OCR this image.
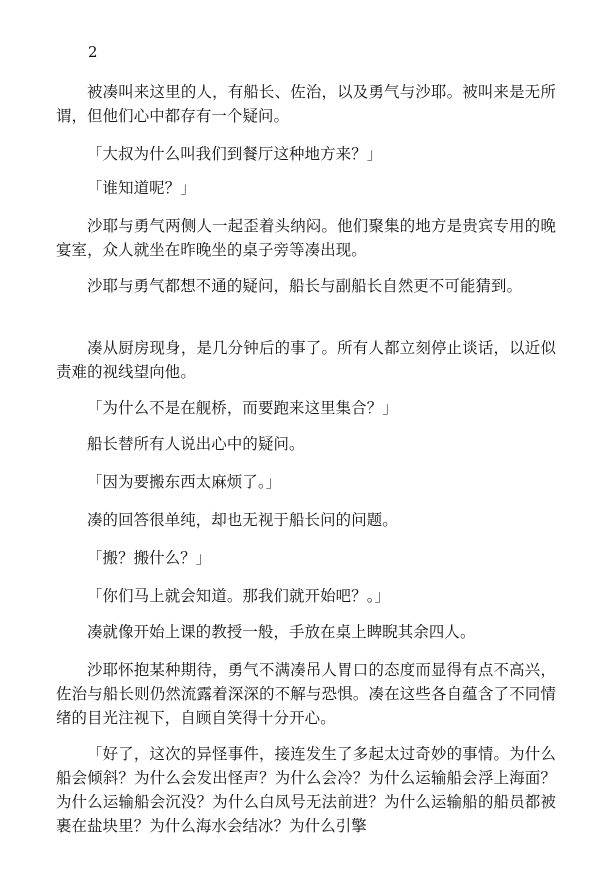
2

被凑叫来这里的人，有船长、佐治，以及勇气与沙耶。被叫来是无所谓，但他们心中都存有一个疑问。

「大叔为什么叫我们到餐厅这种地方来？」

「谁知道呢？」

沙耶与勇气两侧人一起歪着头纳闷。他们聚集的地方是贵宾专用的晚宴室，众人就坐在昨晚坐的桌子旁等凑出现。

沙耶与勇气都想不通的疑问，船长与副船长自然更不可能猜到。

凑从厨房现身，是几分钟后的事了。所有人都立刻停止谈话，以近似责难的视线望向他。

「为什么不是在舰桥，而要跑来这里集合？」

船长替所有人说出心中的疑问。

「因为要搬东西太麻烦了。」

凑的回答很单纯，却也无视于船长问的问题。

「搬？搬什么？」

「你们马上就会知道。那我们就开始吧？。」

凑就像开始上课的教授一般，手放在桌上睥睨其余四人。

沙耶怀抱某种期待，勇气不满凑吊人胃口的态度而显得有点不高兴，佐治与船长则仍然流露着深深的不解与恐惧。凑在这些各自蕴含了不同情绪的目光注视下，自顾自笑得十分开心。

「好了，这次的异怪事件，接连发生了多起太过奇妙的事情。为什么船会倾斜？为什么会发出怪声？为什么会冷？为什么运输船会浮上海面？为什么运输船会沉没？为什么白凤号无法前进？为什么运输船的船员都被裹在盐块里？为什么海水会结冰？为什么引擎
